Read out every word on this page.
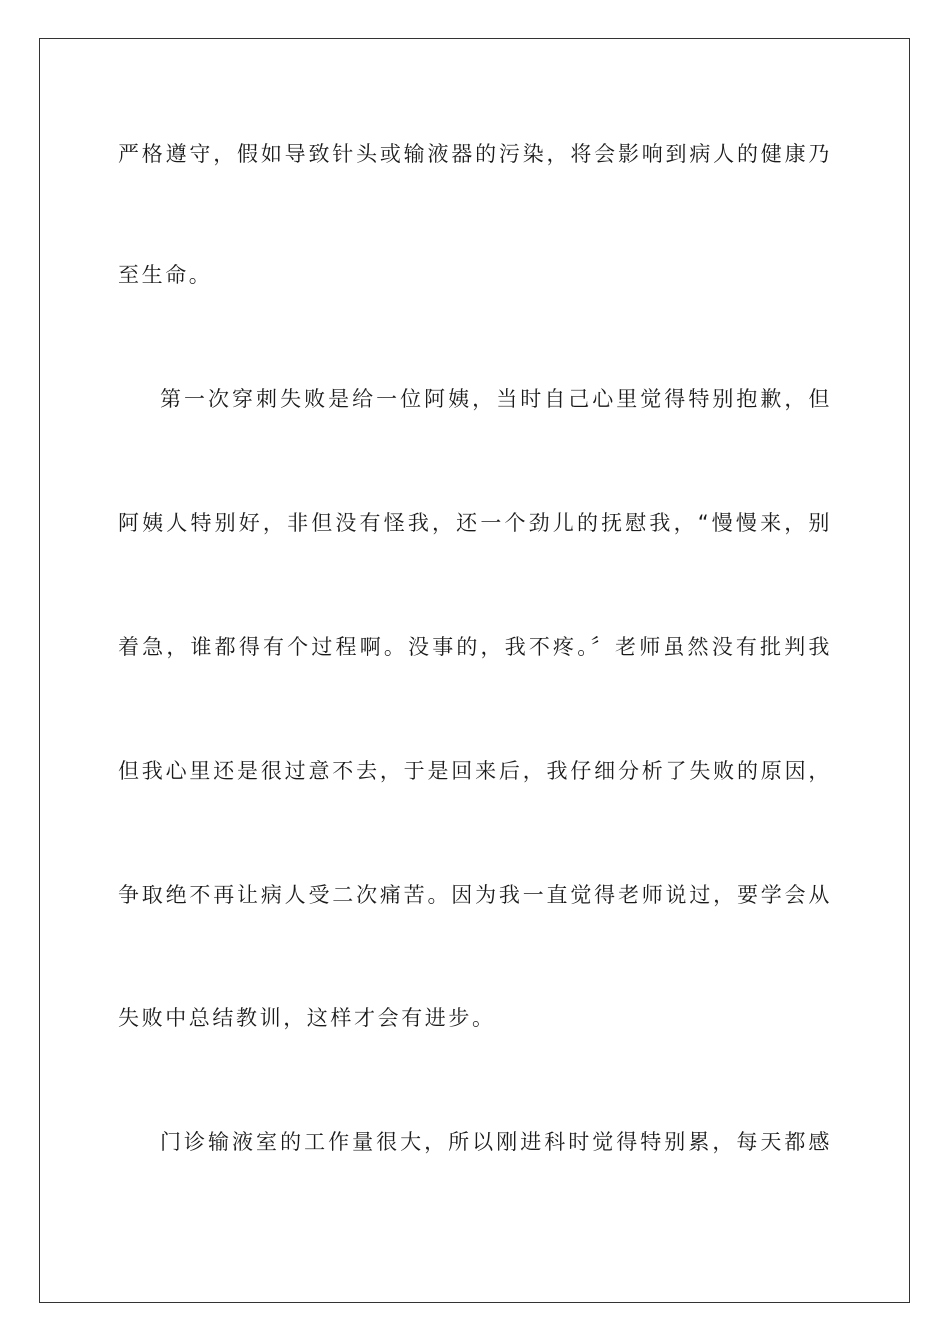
严格遵守，假如导致针头或输液器的污染，将会影响到病人的健康乃
至生命。
第一次穿刺失败是给一位阿姨，当时自己心里觉得特别抱歉，但
阿姨人特别好，非但没有怪我，还一个劲儿的抚慰我，“慢慢来，别
着急，谁都得有个过程啊。没事的，我不疼。〞老师虽然没有批判我
但我心里还是很过意不去，于是回来后，我仔细分析了失败的原因，
争取绝不再让病人受二次痛苦。因为我一直觉得老师说过，要学会从
失败中总结教训，这样才会有进步。
门诊输液室的工作量很大，所以刚进科时觉得特别累，每天都感
